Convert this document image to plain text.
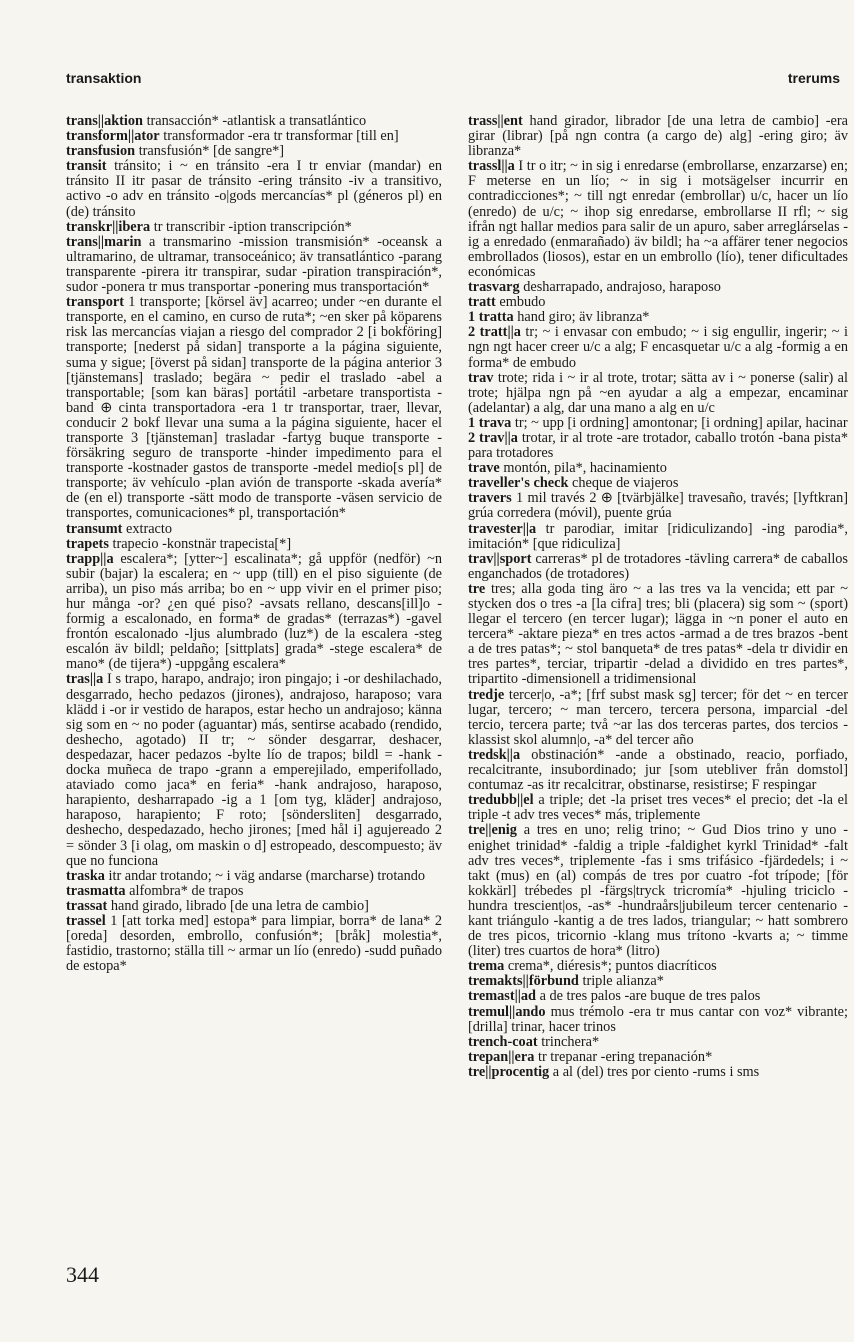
transaktion	trerums

trans||aktion transacción* -atlantisk a transatlántico

transform||ator transformador -era tr transformar [till en]

transfusion transfusión* [de sangre*]

transit tránsito; i ~ en tránsito -era I tr enviar (mandar) en tránsito II itr pasar de tránsito -ering tránsito -iv a transitivo, activo -o adv en tránsito -o|gods mercancías* pl (géneros pl) en (de) tránsito

transkr||ibera tr transcribir -iption transcripción*

trans||marin a transmarino -mission transmisión* -oceansk a ultramarino, de ultramar, transoceánico; äv transatlántico -parang transparente -pirera itr transpirar, sudar -piration transpiración*, sudor -ponera tr mus transportar -ponering mus transportación*

transport 1 transporte; [körsel äv] acarreo; under ~en durante el transporte, en el camino, en curso de ruta*; ~en sker på köparens risk las mercancías viajan a riesgo del comprador 2 [i bokföring] transporte; [nederst på sidan] transporte a la página siguiente, suma y sigue; [överst på sidan] transporte de la página anterior 3 [tjänstemans] traslado; begära ~ pedir el traslado -abel a transportable; [som kan bäras] portátil -arbetare transportista -band ⊕ cinta transportadora -era 1 tr transportar, traer, llevar, conducir 2 bokf llevar una suma a la página siguiente, hacer el transporte 3 [tjänsteman] trasladar -fartyg buque transporte -försäkring seguro de transporte -hinder impedimento para el transporte -kostnader gastos de transporte -medel medio[s pl] de transporte; äv vehículo -plan avión de transporte -skada avería* de (en el) transporte -sätt modo de transporte -väsen servicio de transportes, comunicaciones* pl, transportación*

transumt extracto

trapets trapecio -konstnär trapecista[*]

trapp||a escalera*; [ytter~] escalinata*; gå uppför (nedför) ~n subir (bajar) la escalera; en ~ upp (till) en el piso siguiente (de arriba), un piso más arriba; bo en ~ upp vivir en el primer piso; hur många -or? ¿en qué piso? -avsats rellano, descans[ill]o -formig a escalonado, en forma* de gradas* (terrazas*) -gavel frontón escalonado -ljus alumbrado (luz*) de la escalera -steg escalón äv bildl; peldaño; [sittplats] grada* -stege escalera* de mano* (de tijera*) -uppgång escalera*

tras||a I s trapo, harapo, andrajo; iron pingajo; i -or deshilachado, desgarrado, hecho pedazos (jirones), andrajoso, haraposo; vara klädd i -or ir vestido de harapos, estar hecho un andrajoso; känna sig som en ~ no poder (aguantar) más, sentirse acabado (rendido, deshecho, agotado) II tr; ~ sönder desgarrar, deshacer, despedazar, hacer pedazos -bylte lío de trapos; bildl = -hank -docka muñeca de trapo -grann a emperejilado, emperifollado, ataviado como jaca* en feria* -hank andrajoso, haraposo, harapiento, desharrapado -ig a 1 [om tyg, kläder] andrajoso, haraposo, harapiento; F roto; [söndersliten] desgarrado, deshecho, despedazado, hecho jirones; [med hål i] agujereado 2 = sönder 3 [i olag, om maskin o d] estropeado, descompuesto; äv que no funciona

traska itr andar trotando; ~ i väg andarse (marcharse) trotando

trasmatta alfombra* de trapos

trassat hand girado, librado [de una letra de cambio]

trassel 1 [att torka med] estopa* para limpiar, borra* de lana* 2 [oreda] desorden, embrollo, confusión*; [bråk] molestia*, fastidio, trastorno; ställa till ~ armar un lío (enredo) -sudd puñado de estopa*

trass||ent hand girador, librador [de una letra de cambio] -era girar (librar) [på ngn contra (a cargo de) alg] -ering giro; äv libranza*

trassl||a I tr o itr; ~ in sig i enredarse (embrollarse, enzarzarse) en; F meterse en un lío; ~ in sig i motsägelser incurrir en contradicciones*; ~ till ngt enredar (embrollar) u/c, hacer un lío (enredo) de u/c; ~ ihop sig enredarse, embrollarse II rfl; ~ sig ifrån ngt hallar medios para salir de un apuro, saber arreglárselas -ig a enredado (enmarañado) äv bildl; ha ~a affärer tener negocios embrollados (liosos), estar en un embrollo (lío), tener dificultades económicas

trasvarg desharrapado, andrajoso, haraposo

tratt embudo

1 tratta hand giro; äv libranza*

2 tratt||a tr; ~ i envasar con embudo; ~ i sig engullir, ingerir; ~ i ngn ngt hacer creer u/c a alg; F encasquetar u/c a alg -formig a en forma* de embudo

trav trote; rida i ~ ir al trote, trotar; sätta av i ~ ponerse (salir) al trote; hjälpa ngn på ~en ayudar a alg a empezar, encaminar (adelantar) a alg, dar una mano a alg en u/c

1 trava tr; ~ upp [i ordning] amontonar; [i ordning] apilar, hacinar

2 trav||a trotar, ir al trote -are trotador, caballo trotón -bana pista* para trotadores

trave montón, pila*, hacinamiento

traveller's check cheque de viajeros

travers 1 mil través 2 ⊕ [tvärbjälke] travesaño, través; [lyftkran] grúa corredera (móvil), puente grúa

travester||a tr parodiar, imitar [ridiculizando] -ing parodia*, imitación* [que ridiculiza]

trav||sport carreras* pl de trotadores -tävling carrera* de caballos enganchados (de trotadores)

tre tres; alla goda ting äro ~ a las tres va la vencida; ett par ~ stycken dos o tres -a [la cifra] tres; bli (placera) sig som ~ (sport) llegar el tercero (en tercer lugar); lägga in ~n poner el auto en tercera* -aktare pieza* en tres actos -armad a de tres brazos -bent a de tres patas*; ~ stol banqueta* de tres patas* -dela tr dividir en tres partes*, terciar, tripartir -delad a dividido en tres partes*, tripartito -dimensionell a tridimensional

tredje tercer|o, -a*; [frf subst mask sg] tercer; för det ~ en tercer lugar, tercero; ~ man tercero, tercera persona, imparcial -del tercio, tercera parte; två ~ar las dos terceras partes, dos tercios -klassist skol alumn|o, -a* del tercer año

tredsk||a obstinación* -ande a obstinado, reacio, porfiado, recalcitrante, insubordinado; jur [som utebliver från domstol] contumaz -as itr recalcitrar, obstinarse, resistirse; F respingar

tredubb||el a triple; det -la priset tres veces* el precio; det -la el triple -t adv tres veces* más, triplemente

tre||enig a tres en uno; relig trino; ~ Gud Dios trino y uno -enighet trinidad* -faldig a triple -faldighet kyrkl Trinidad* -falt adv tres veces*, triplemente -fas i sms trifásico -fjärdedels; i ~ takt (mus) en (al) compás de tres por cuatro -fot trípode; [för kokkärl] trébedes pl -färgs|tryck tricromía* -hjuling triciclo -hundra trescient|os, -as* -hundraårs|jubileum tercer centenario -kant triángulo -kantig a de tres lados, triangular; ~ hatt sombrero de tres picos, tricornio -klang mus trítono -kvarts a; ~ timme (liter) tres cuartos de hora* (litro)

trema crema*, diéresis*; puntos diacríticos

tremakts||förbund triple alianza*

tremast||ad a de tres palos -are buque de tres palos

tremul||ando mus trémolo -era tr mus cantar con voz* vibrante; [drilla] trinar, hacer trinos

trench-coat trinchera*

trepan||era tr trepanar -ering trepanación*

tre||procentig a al (del) tres por ciento -rums i sms

344
